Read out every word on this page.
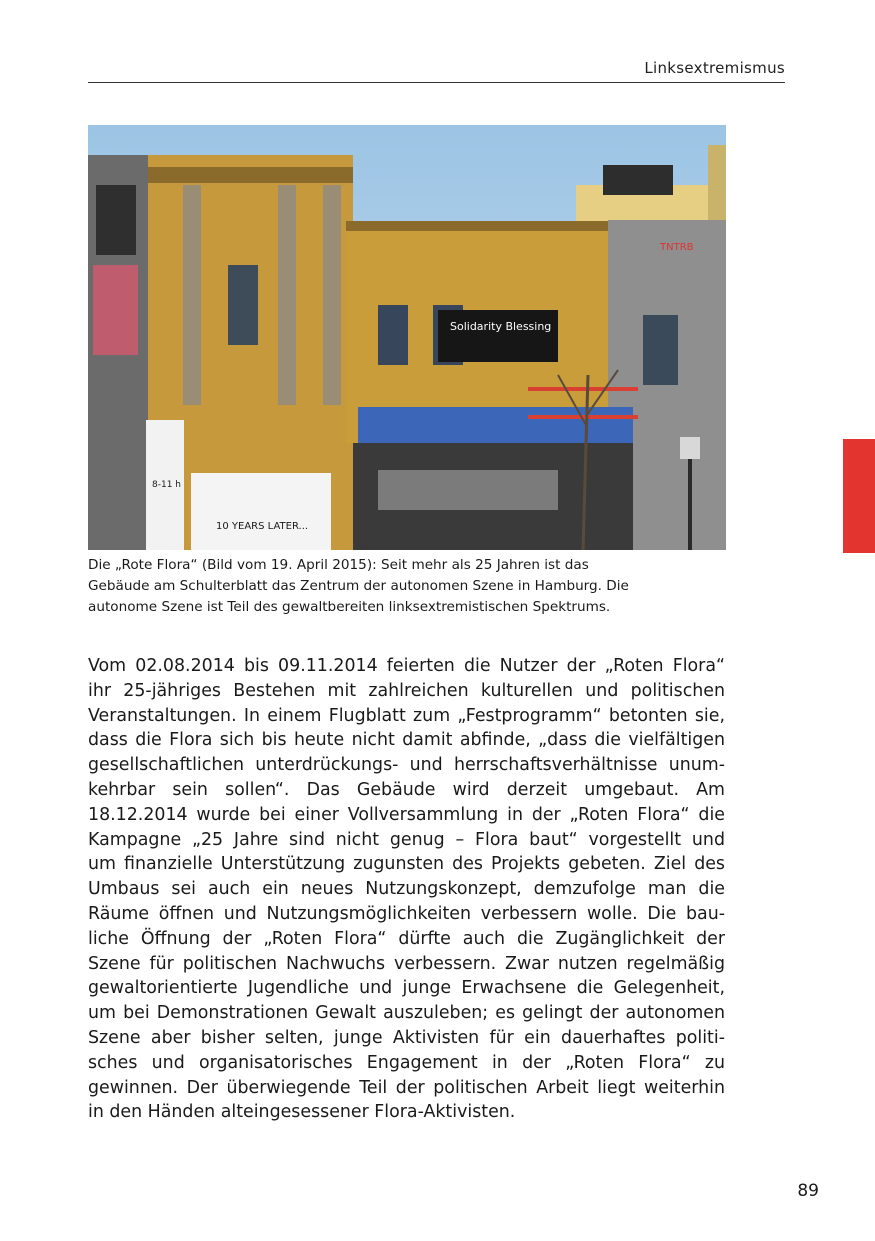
Linksextremismus
Solidarity Blessing
8-11 h
10 YEARS LATER...
TNTRB

Die „Rote Flora“ (Bild vom 19. April 2015): Seit mehr als 25 Jahren ist das

Gebäude am Schulterblatt das Zentrum der autonomen Szene in Hamburg. Die

autonome Szene ist Teil des gewaltbereiten linksextremistischen Spektrums.

Vom 02.08.2014 bis 09.11.2014 feierten die Nutzer der „Roten Flora“
ihr 25-jähriges Bestehen mit zahlreichen kulturellen und politischen
Veranstaltungen. In einem Flugblatt zum „Festprogramm“ betonten sie,
dass die Flora sich bis heute nicht damit abfinde, „dass die vielfältigen
gesellschaftlichen unterdrückungs- und herrschaftsverhältnisse unum-
kehrbar sein sollen“. Das Gebäude wird derzeit umgebaut. Am
18.12.2014 wurde bei einer Vollversammlung in der „Roten Flora“ die
Kampagne „25 Jahre sind nicht genug – Flora baut“ vorgestellt und
um finanzielle Unterstützung zugunsten des Projekts gebeten. Ziel des
Umbaus sei auch ein neues Nutzungskonzept, demzufolge man die
Räume öffnen und Nutzungsmöglichkeiten verbessern wolle. Die bau-
liche Öffnung der „Roten Flora“ dürfte auch die Zugänglichkeit der
Szene für politischen Nachwuchs verbessern. Zwar nutzen regelmäßig
gewaltorientierte Jugendliche und junge Erwachsene die Gelegenheit,
um bei Demonstrationen Gewalt auszuleben; es gelingt der autonomen
Szene aber bisher selten, junge Aktivisten für ein dauerhaftes politi-
sches und organisatorisches Engagement in der „Roten Flora“ zu
gewinnen. Der überwiegende Teil der politischen Arbeit liegt weiterhin
in den Händen alteingesessener Flora-Aktivisten.
89
